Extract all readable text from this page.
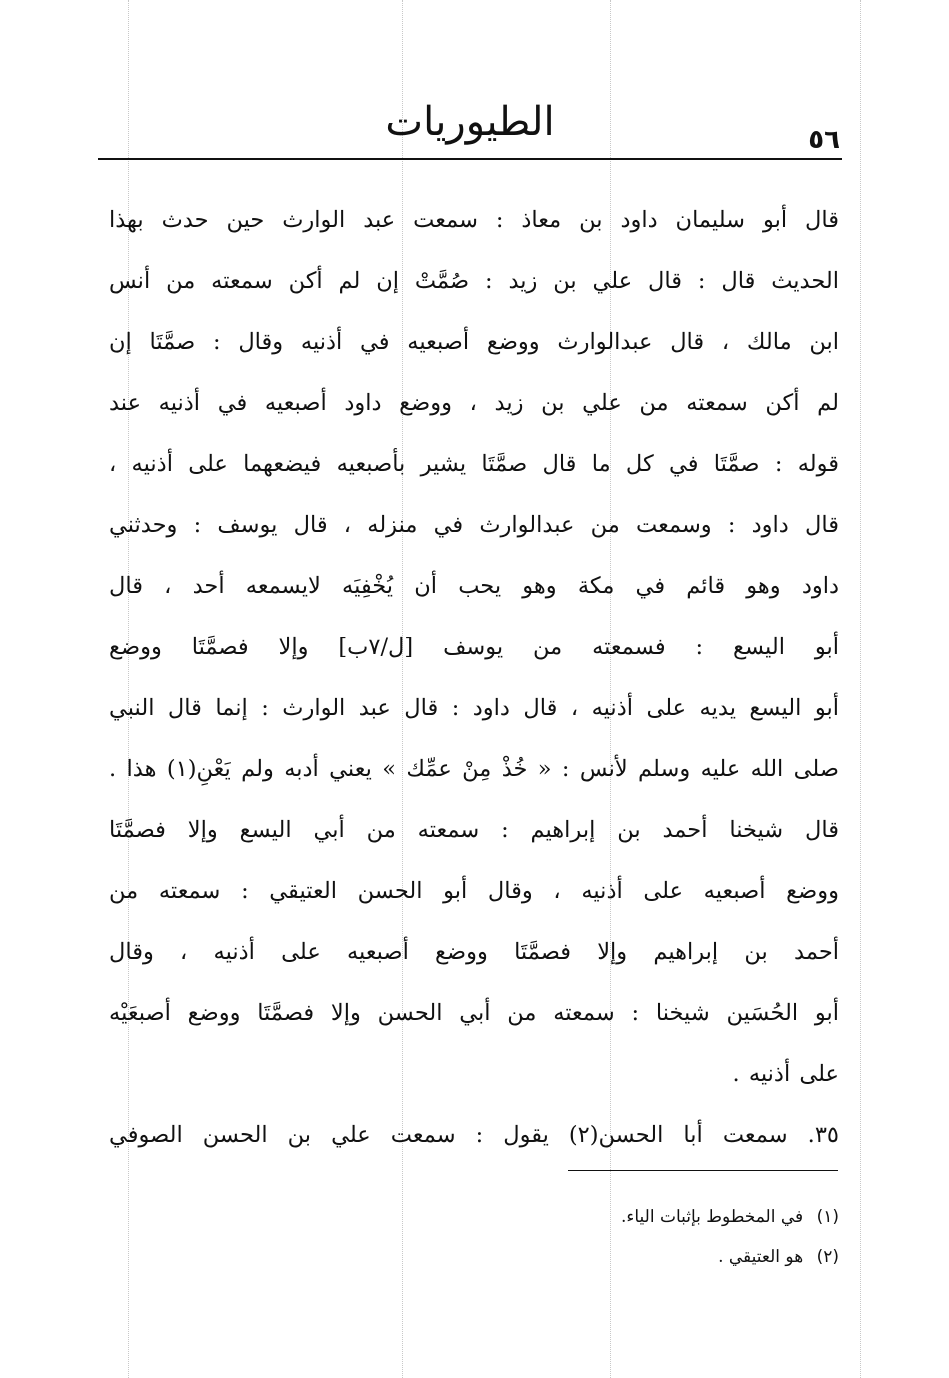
٥٦
الطيوريات
قال أبو سليمان داود بن معاذ : سمعت عبد الوارث حين حدث بهذا
الحديث قال : قال علي بن زيد : صُمَّتْ إن لم أكن سمعته من أنس
ابن مالك ، قال عبدالوارث ووضع أصبعيه في أذنيه وقال : صمَّتَا إن
لم أكن سمعته من علي بن زيد ، ووضع داود أصبعيه في أذنيه عند
قوله : صمَّتَا في كل ما قال صمَّتَا يشير بأصبعيه فيضعهما على أذنيه ،
قال داود : وسمعت من عبدالوارث في منزله ، قال يوسف : وحدثني
داود وهو قائم في مكة وهو يحب أن يُخْفِيَه لايسمعه أحد ، قال
أبو اليسع : فسمعته من يوسف [ل/٧ب] وإلا فصمَّتَا ووضع
أبو اليسع يديه على أذنيه ، قال داود : قال عبد الوارث : إنما قال النبي
صلى الله عليه وسلم لأنس : « خُذْ مِنْ عمِّك » يعني أدبه ولم يَعْنِ(١) هذا .
قال شيخنا أحمد بن إبراهيم : سمعته من أبي اليسع وإلا فصمَّتَا
ووضع أصبعيه على أذنيه ، وقال أبو الحسن العتيقي : سمعته من
أحمد بن إبراهيم وإلا فصمَّتَا ووضع أصبعيه على أذنيه ، وقال
أبو الحُسَين شيخنا : سمعته من أبي الحسن وإلا فصمَّتَا ووضع أصبعَيْه
على أذنيه .
٣٥. سمعت أبا الحسن(٢) يقول : سمعت علي بن الحسن الصوفي
(١) في المخطوط بإثبات الياء.
(٢) هو العتيقي .
